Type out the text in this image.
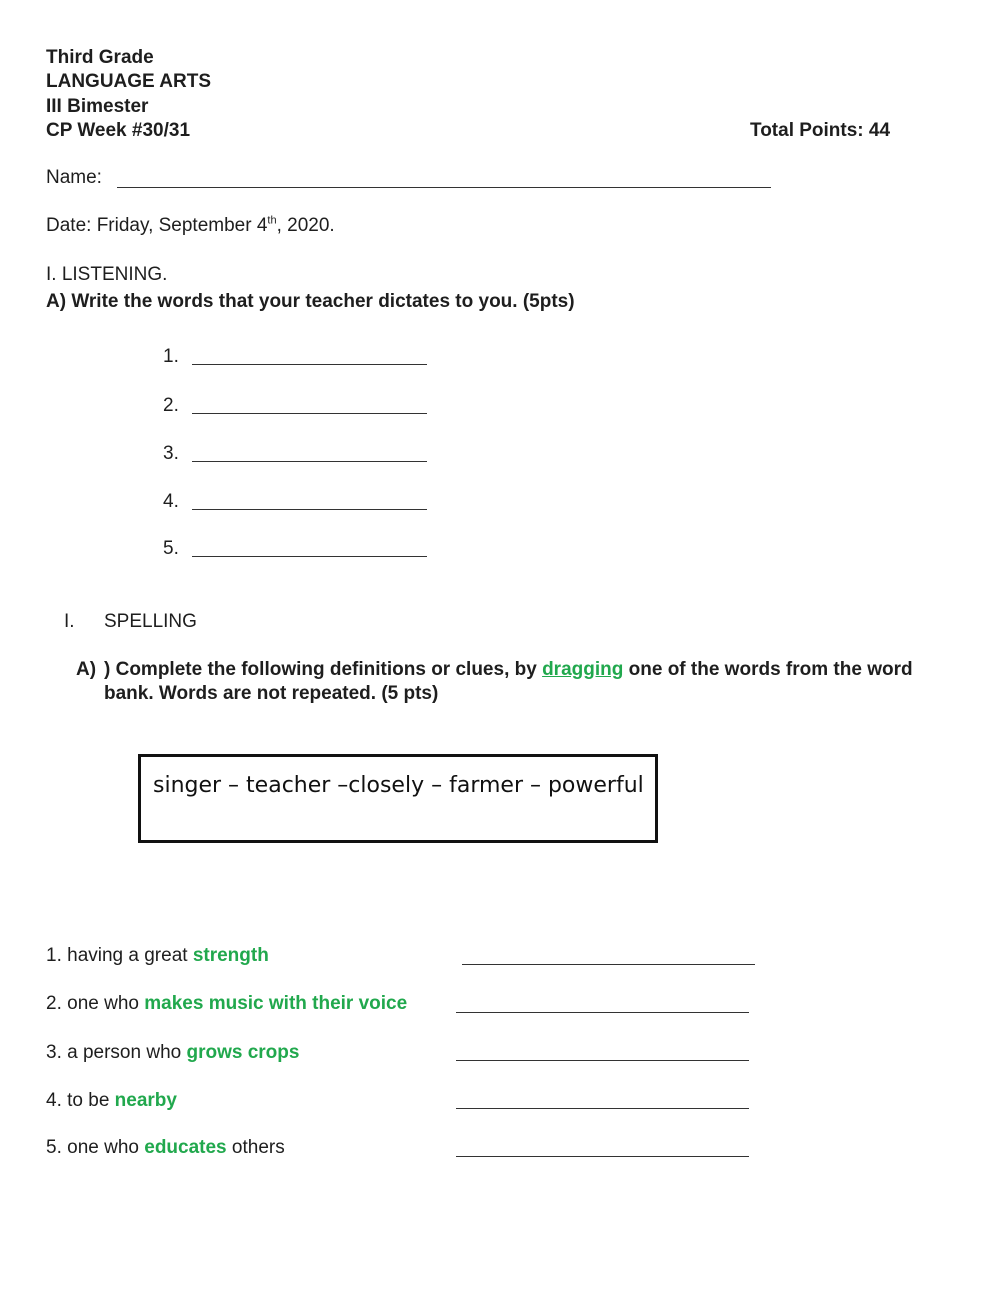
Third Grade
LANGUAGE ARTS
III Bimester
CP Week #30/31	Total Points: 44
Name:
Date: Friday, September 4th, 2020.
I. LISTENING.
A) Write the words that your teacher dictates to you. (5pts)
1.
2.
3.
4.
5.
I. SPELLING
A) ) Complete the following definitions or clues, by dragging one of the words from the word
bank. Words are not repeated. (5 pts)
singer – teacher –closely – farmer – powerful
1. having a great strength
2. one who makes music with their voice
3. a person who grows crops
4. to be nearby
5. one who educates others
